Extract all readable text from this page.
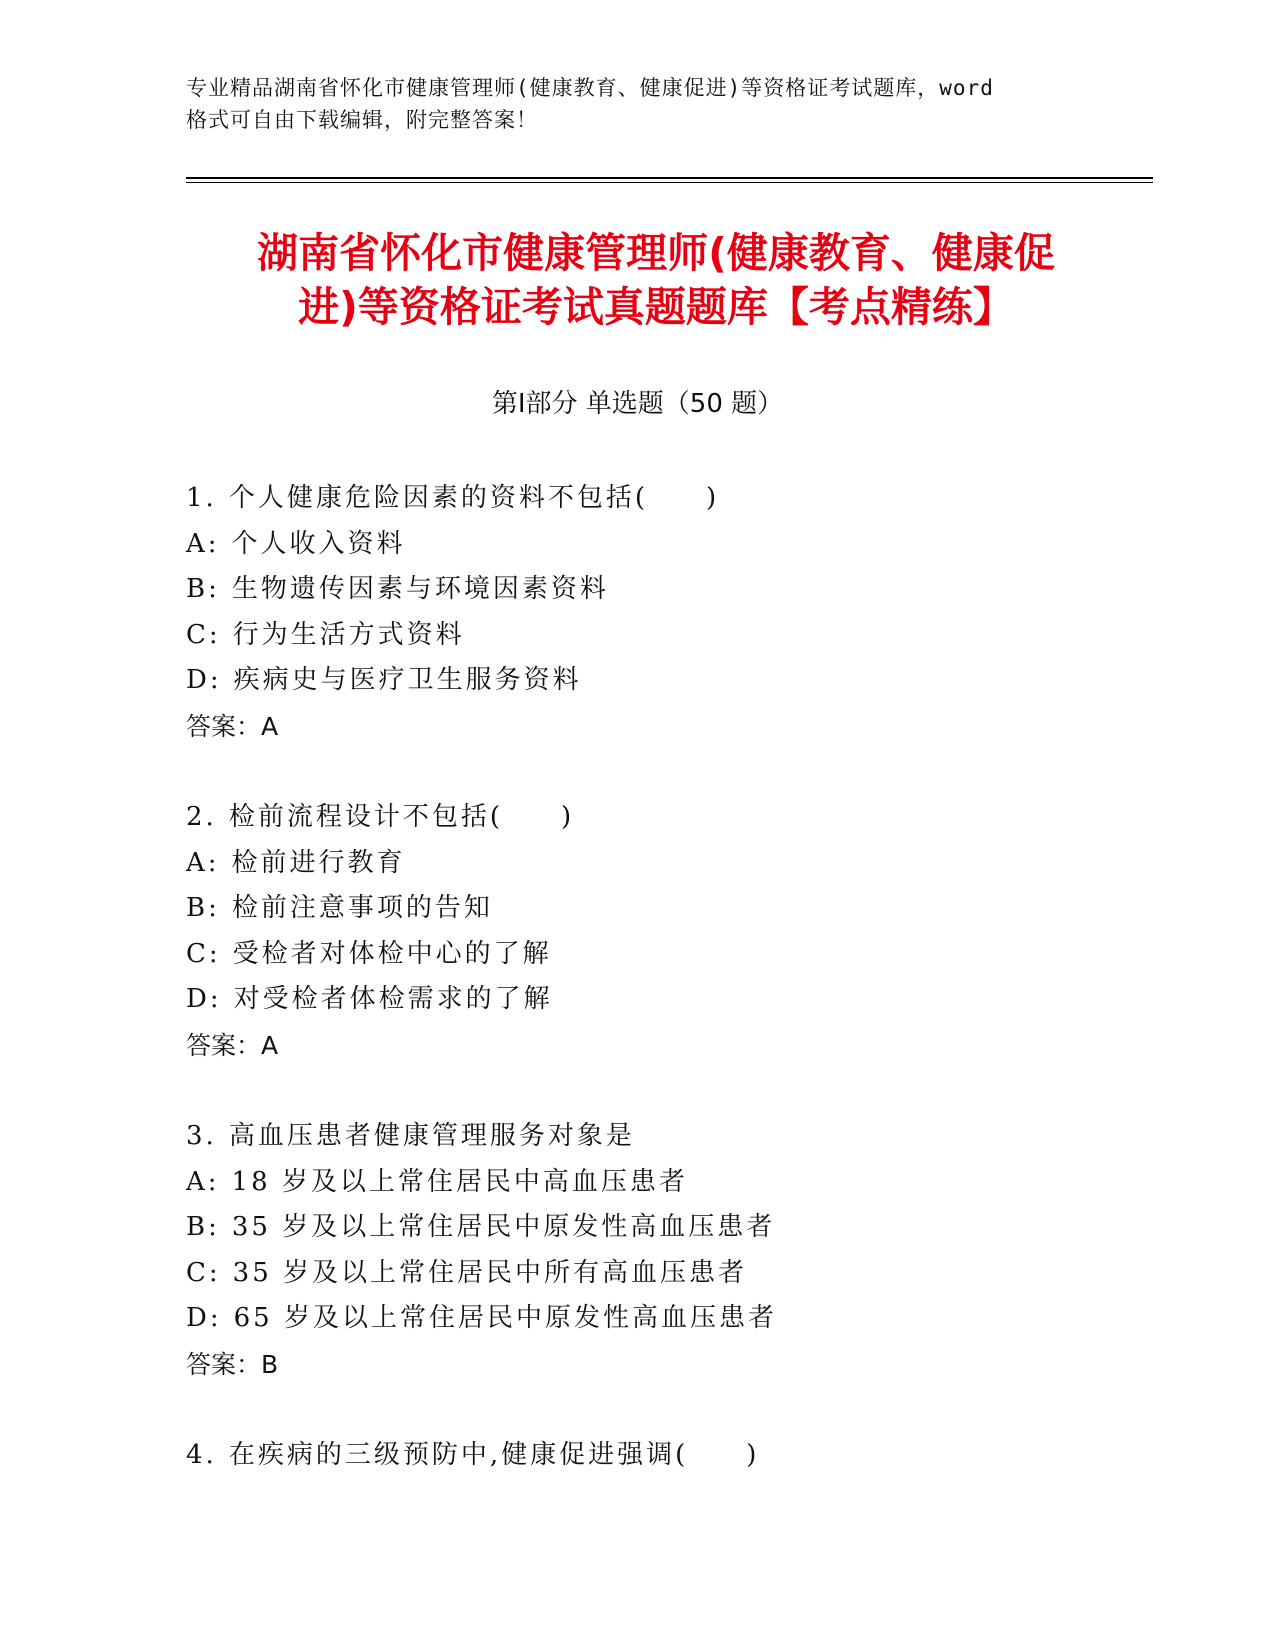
专业精品湖南省怀化市健康管理师(健康教育、健康促进)等资格证考试题库，word
格式可自由下载编辑，附完整答案！
湖南省怀化市健康管理师(健康教育、健康促
进)等资格证考试真题题库【考点精练】
第Ⅰ部分 单选题（50 题）
1. 个人健康危险因素的资料不包括(　　)
A: 个人收入资料
B: 生物遗传因素与环境因素资料
C: 行为生活方式资料
D: 疾病史与医疗卫生服务资料
答案：A
2. 检前流程设计不包括(　　)
A: 检前进行教育
B: 检前注意事项的告知
C: 受检者对体检中心的了解
D: 对受检者体检需求的了解
答案：A
3. 高血压患者健康管理服务对象是
A: 18 岁及以上常住居民中高血压患者
B: 35 岁及以上常住居民中原发性高血压患者
C: 35 岁及以上常住居民中所有高血压患者
D: 65 岁及以上常住居民中原发性高血压患者
答案：B
4. 在疾病的三级预防中,健康促进强调(　　)
